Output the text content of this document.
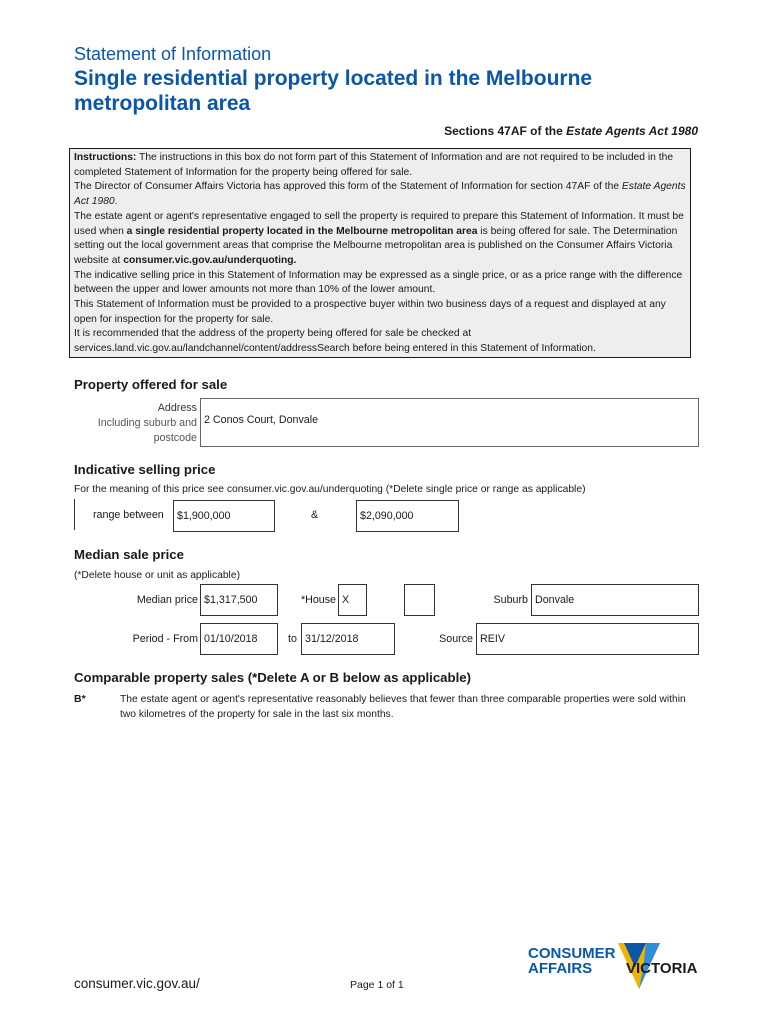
Statement of Information
Single residential property located in the Melbourne metropolitan area
Sections 47AF of the Estate Agents Act 1980

Instructions: The instructions in this box do not form part of this Statement of Information and are not required to be included in the completed Statement of Information for the property being offered for sale.

The Director of Consumer Affairs Victoria has approved this form of the Statement of Information for section 47AF of the Estate Agents Act 1980.

The estate agent or agent's representative engaged to sell the property is required to prepare this Statement of Information. It must be used when a single residential property located in the Melbourne metropolitan area is being offered for sale. The Determination setting out the local government areas that comprise the Melbourne metropolitan area is published on the Consumer Affairs Victoria website at consumer.vic.gov.au/underquoting.

The indicative selling price in this Statement of Information may be expressed as a single price, or as a price range with the difference between the upper and lower amounts not more than 10% of the lower amount.

This Statement of Information must be provided to a prospective buyer within two business days of a request and displayed at any open for inspection for the property for sale.

It is recommended that the address of the property being offered for sale be checked at services.land.vic.gov.au/landchannel/content/addressSearch before being entered in this Statement of Information.

Property offered for sale
Address
Including suburb and
postcode
2 Conos Court, Donvale
Indicative selling price
For the meaning of this price see consumer.vic.gov.au/underquoting (*Delete single price or range as applicable)
range between	$1,900,000	&	$2,090,000
Median sale price
(*Delete house or unit as applicable)
Median price $1,317,500	*House X	Suburb Donvale
Period - From 01/10/2018	to 31/12/2018	Source REIV
Comparable property sales (*Delete A or B below as applicable)
B*	The estate agent or agent's representative reasonably believes that fewer than three comparable properties were sold within two kilometres of the property for sale in the last six months.
consumer.vic.gov.au/	Page 1 of 1
CONSUMER
AFFAIRS VICTORIA
